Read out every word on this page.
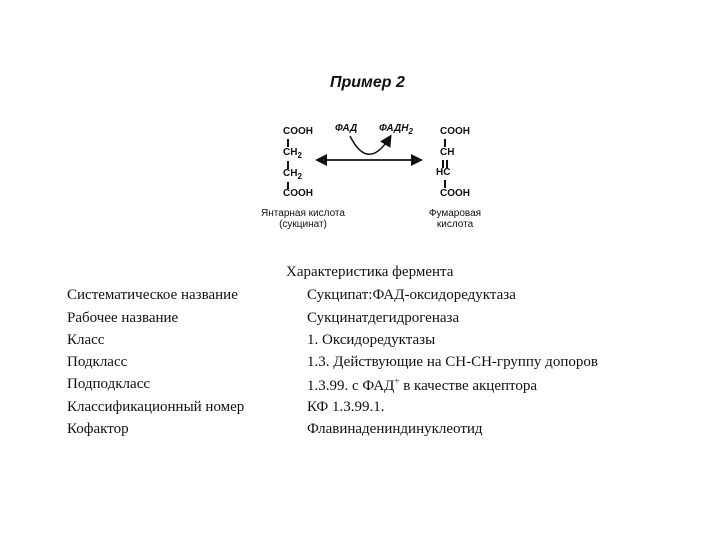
Пример 2
COOH
$CH_2$
$CH_2$
COOH
Янтарная кислота
(сукцинат)
COOH
CH
HC
COOH
Фумаровая
кислота
ФАД $ФАДН_2$
Характеристика фермента
Систематическое название	Сукципат:ФАД-оксидоредуктаза
Рабочее название	Сукцинатдегидрогеназа
Класс	1. Оксидоредуктазы
Подкласс	1.3. Действующие на CH-CH-группу допоров
Подподкласс	1.3.99. с ФАД+ в качестве акцептора
Классификационный номер	КФ 1.3.99.1.
Кофактор	Флавинадениндинуклеотид
